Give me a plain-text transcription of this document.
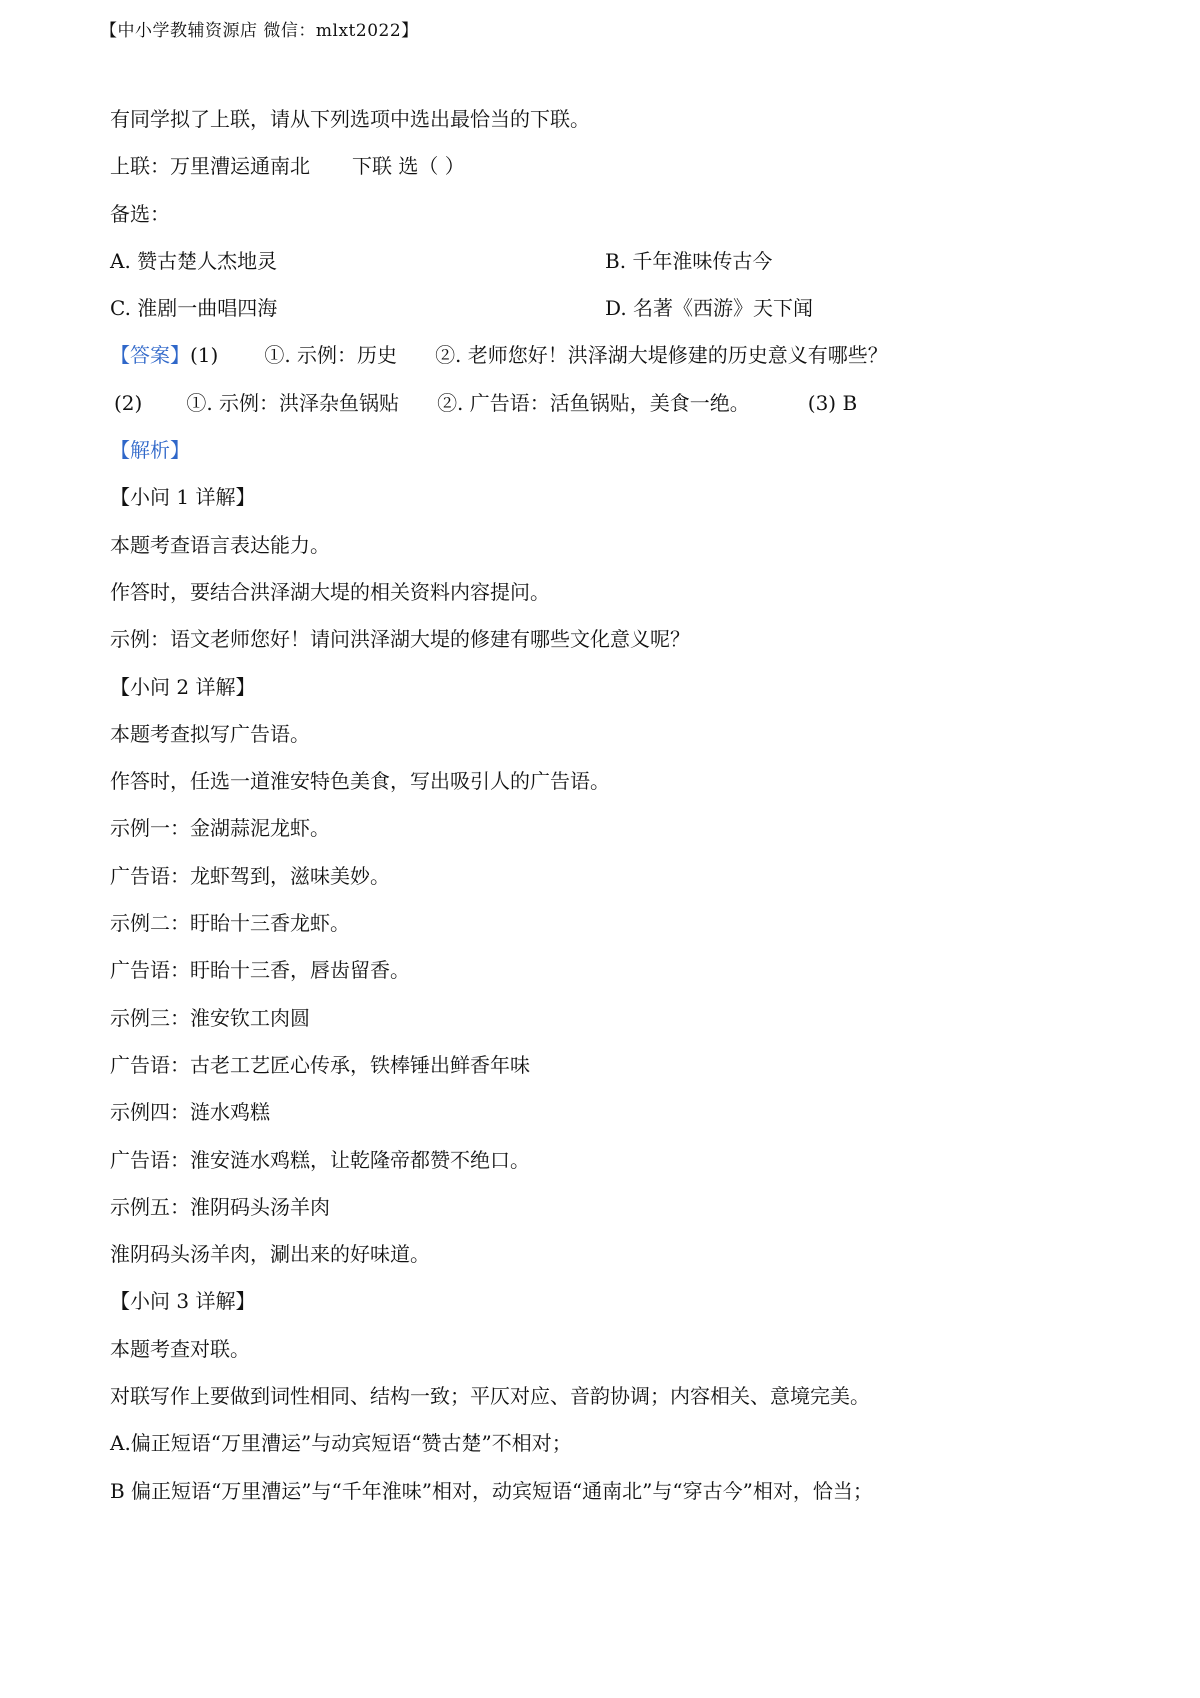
【中小学教辅资源店 微信：mlxt2022】
有同学拟了上联，请从下列选项中选出最恰当的下联。
上联：万里漕运通南北 下联 选（ ）
备选：
A. 赞古楚人杰地灵	B. 千年淮味传古今
C. 淮剧一曲唱四海	D. 名著《西游》天下闻
【答案】(1) ①. 示例：历史 ②. 老师您好！洪泽湖大堤修建的历史意义有哪些？
(2) ①. 示例：洪泽杂鱼锅贴 ②. 广告语：活鱼锅贴，美食一绝。	(3) B
【解析】
【小问 1 详解】
本题考查语言表达能力。
作答时，要结合洪泽湖大堤的相关资料内容提问。
示例：语文老师您好！请问洪泽湖大堤的修建有哪些文化意义呢？
【小问 2 详解】
本题考查拟写广告语。
作答时，任选一道淮安特色美食，写出吸引人的广告语。
示例一：金湖蒜泥龙虾。
广告语：龙虾驾到，滋味美妙。
示例二：盱眙十三香龙虾。
广告语：盱眙十三香，唇齿留香。
示例三：淮安钦工肉圆
广告语：古老工艺匠心传承，铁棒锤出鲜香年味
示例四：涟水鸡糕
广告语：淮安涟水鸡糕，让乾隆帝都赞不绝口。
示例五：淮阴码头汤羊肉
淮阴码头汤羊肉，涮出来的好味道。
【小问 3 详解】
本题考查对联。
对联写作上要做到词性相同、结构一致；平仄对应、音韵协调；内容相关、意境完美。
A.偏正短语“万里漕运”与动宾短语“赞古楚”不相对；
B 偏正短语“万里漕运”与“千年淮味”相对，动宾短语“通南北”与“穿古今”相对，恰当；
